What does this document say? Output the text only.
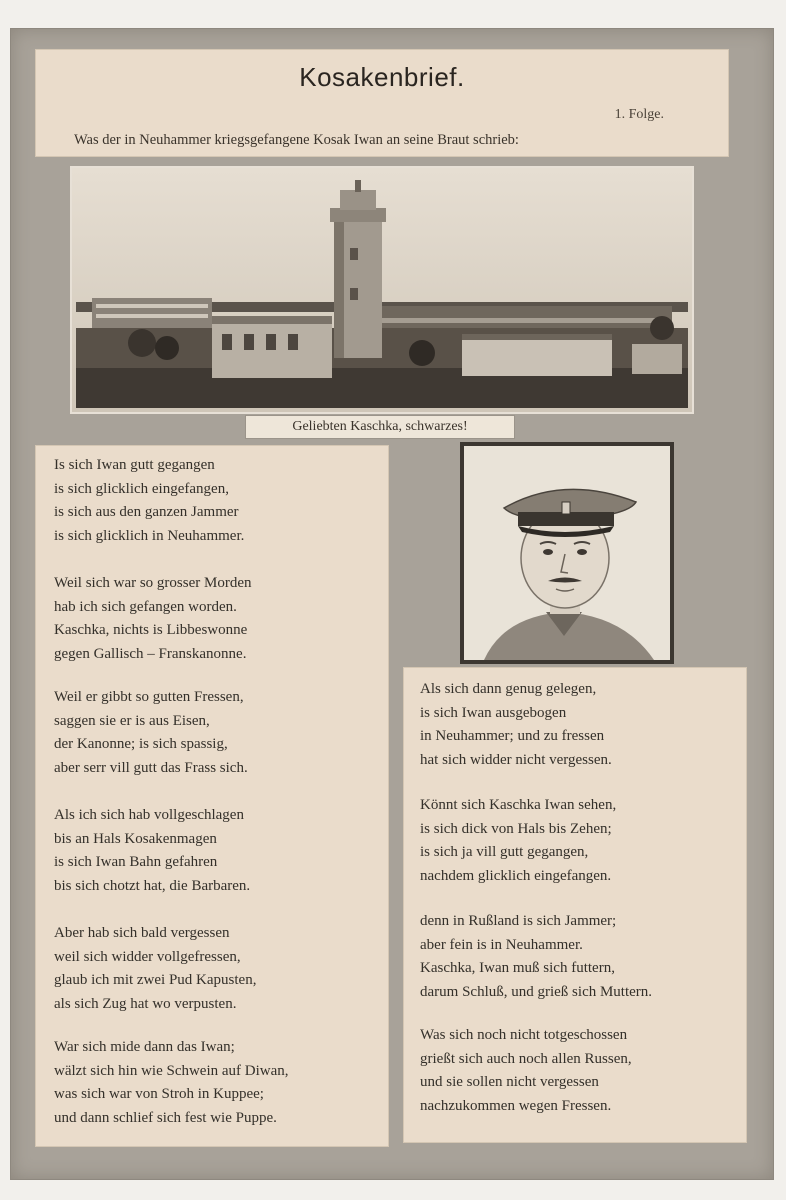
Kosakenbrief.
1. Folge.
Was der in Neuhammer kriegsgefangene Kosak Iwan an seine Braut schrieb:
Geliebten Kaschka, schwarzes!
Is sich Iwan gutt gegangen
is sich glicklich eingefangen,
is sich aus den ganzen Jammer
is sich glicklich in Neuhammer.
Weil sich war so grosser Morden
hab ich sich gefangen worden.
Kaschka, nichts is Libbeswonne
gegen Gallisch – Franskanonne.
Weil er gibbt so gutten Fressen,
saggen sie er is aus Eisen,
der Kanonne; is sich spassig,
aber serr vill gutt das Frass sich.
Als ich sich hab vollgeschlagen
bis an Hals Kosakenmagen
is sich Iwan Bahn gefahren
bis sich chotzt hat, die Barbaren.
Aber hab sich bald vergessen
weil sich widder vollgefressen,
glaub ich mit zwei Pud Kapusten,
als sich Zug hat wo verpusten.
War sich mide dann das Iwan;
wälzt sich hin wie Schwein auf Diwan,
was sich war von Stroh in Kuppee;
und dann schlief sich fest wie Puppe.
Als sich dann genug gelegen,
is sich Iwan ausgebogen
in Neuhammer; und zu fressen
hat sich widder nicht vergessen.
Könnt sich Kaschka Iwan sehen,
is sich dick von Hals bis Zehen;
is sich ja vill gutt gegangen,
nachdem glicklich eingefangen.
denn in Rußland is sich Jammer;
aber fein is in Neuhammer.
Kaschka, Iwan muß sich futtern,
darum Schluß, und grieß sich Muttern.
Was sich noch nicht totgeschossen
grießt sich auch noch allen Russen,
und sie sollen nicht vergessen
nachzukommen wegen Fressen.
